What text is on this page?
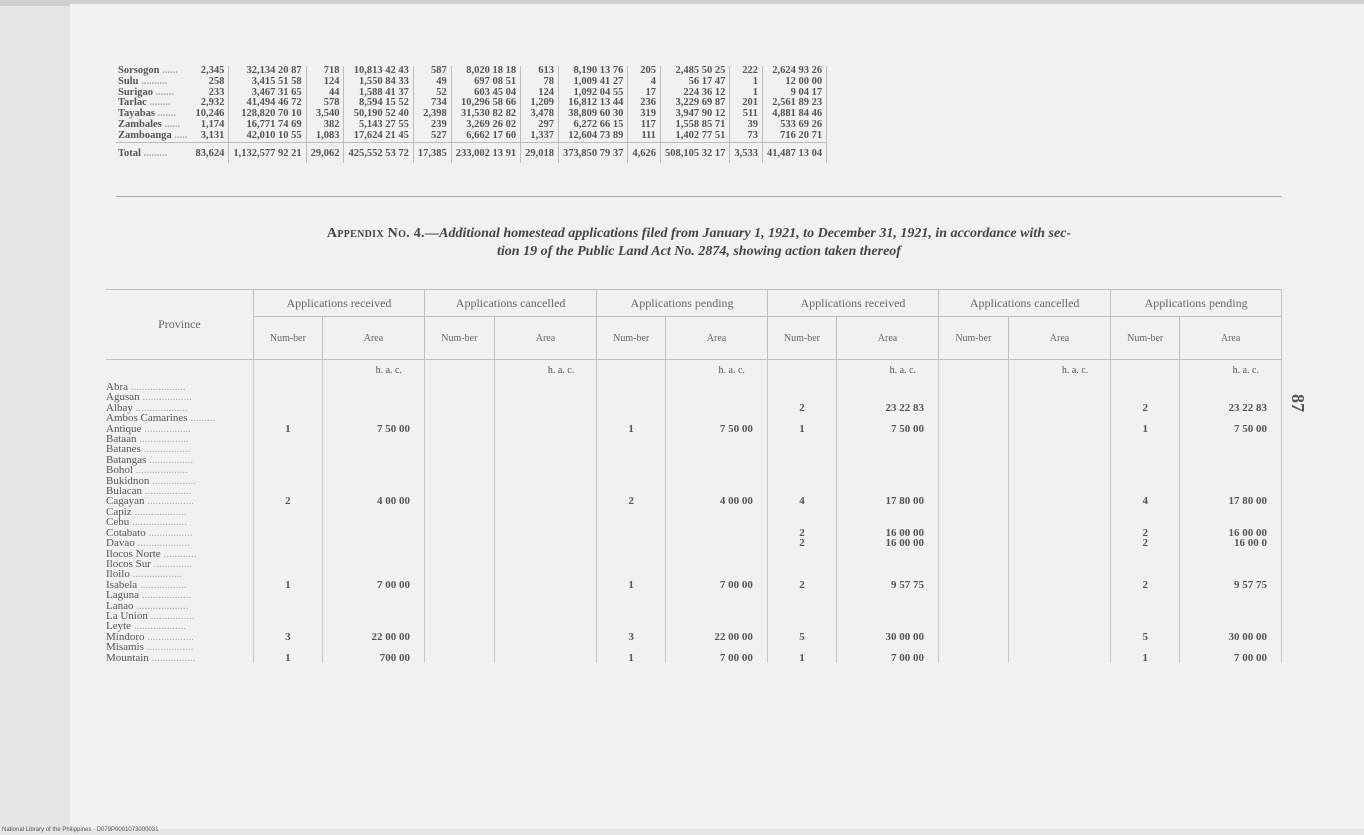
Sorsogon ......	2,345	32,134 20 87	718	10,813 42 43	587	8,020 18 18	613	8,190 13 76	205	2,485 50 25	222	2,624 93 26
Sulu ..........	258	3,415 51 58	124	1,550 84 33	49	697 08 51	78	1,009 41 27	4	56 17 47	1	12 00 00
Surigao .......	233	3,467 31 65	44	1,588 41 37	52	603 45 04	124	1,092 04 55	17	224 36 12	1	9 04 17
Tarlac ........	2,932	41,494 46 72	578	8,594 15 52	734	10,296 58 66	1,209	16,812 13 44	236	3,229 69 87	201	2,561 89 23
Tayabas .......	10,246	128,820 70 10	3,540	50,190 52 40	2,398	31,530 82 82	3,478	38,809 60 30	319	3,947 90 12	511	4,881 84 46
Zambales ......	1,174	16,771 74 69	382	5,143 27 55	239	3,269 26 02	297	6,272 66 15	117	1,558 85 71	39	533 69 26
Zamboanga .....	3,131	42,010 10 55	1,083	17,624 21 45	527	6,662 17 60	1,337	12,604 73 89	111	1,402 77 51	73	716 20 71
Total .........	83,624	1,132,577 92 21	29,062	425,552 53 72	17,385	233,002 13 91	29,018	373,850 79 37	4,626	508,105 32 17	3,533	41,487 13 04
Appendix No. 4.—Additional homestead applications filed from January 1, 1921, to December 31, 1921, in accordance with sec-
tion 19 of the Public Land Act No. 2874, showing action taken thereof
Province	Applications received		Applications cancelled		Applications pending		Applications received		Applications cancelled		Applications pending	
	Num-ber	Area	Num-ber	Area	Num-ber	Area	Num-ber	Area	Num-ber	Area	Num-ber	Area
		h. a. c.		h. a. c.		h. a. c.		h. a. c.		h. a. c.		h. a. c.
Abra ....................												
Agusan ..................												
Albay ...................							2	23 22 83			2	23 22 83
Ambos Camarines .........												
Antique .................	1	7 50 00			1	7 50 00	1	7 50 00			1	7 50 00
Bataan ..................												
Batanes .................												
Batangas ................												
Bohol ...................												
Bukidnon ................												
Bulacan .................												
Cagayan .................	2	4 00 00			2	4 00 00	4	17 80 00			4	17 80 00
Capiz ...................												
Cebu ....................												
Cotabato ................							2	16 00 00			2	16 00 00
Davao ...................							2	16 00 00			2	16 00 0
Ilocos Norte ............												
Ilocos Sur ..............												
Iloilo ..................												
Isabela .................	1	7 00 00			1	7 00 00	2	9 57 75			2	9 57 75
Laguna ..................												
Lanao ...................												
La Union ................												
Leyte ...................												
Mindoro .................	3	22 00 00			3	22 00 00	5	30 00 00			5	30 00 00
Misamis .................												
Mountain ................	1	700 00			1	7 00 00	1	7 00 00			1	7 00 00
87
National Library of the Philippines · D079P0001073000031
